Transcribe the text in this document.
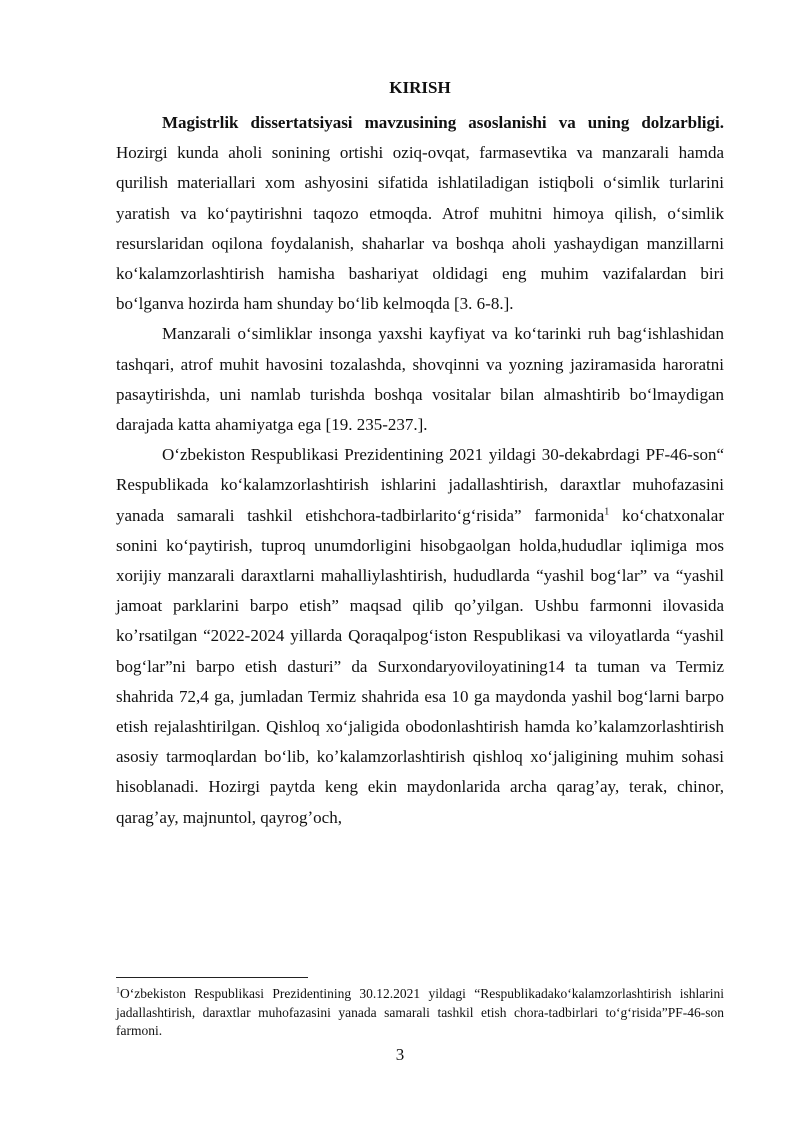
KIRISH

Magistrlik dissertatsiyasi mavzusining asoslanishi va uning dolzarbligi. Hozirgi kunda aholi sonining ortishi oziq-ovqat, farmasevtika va manzarali hamda qurilish materiallari xom ashyosini sifatida ishlatiladigan istiqboli oʻsimlik turlarini yaratish va koʻpaytirishni taqozo etmoqda. Atrof muhitni himoya qilish, oʻsimlik resurslaridan oqilona foydalanish, shaharlar va boshqa aholi yashaydigan manzillarni koʻkalamzorlashtirish hamisha bashariyat oldidagi eng muhim vazifalardan biri boʻlganva hozirda ham shunday boʻlib kelmoqda [3. 6-8.].

Manzarali oʻsimliklar insonga yaxshi kayfiyat va koʻtarinki ruh bagʻishlashidan tashqari, atrof muhit havosini tozalashda, shovqinni va yozning jaziramasida haroratni pasaytirishda, uni namlab turishda boshqa vositalar bilan almashtirib boʻlmaydigan darajada katta ahamiyatga ega [19. 235-237.].

Oʻzbekiston Respublikasi Prezidentining 2021 yildagi 30-dekabrdagi PF-46-son“ Respublikada koʻkalamzorlashtirish ishlarini jadallashtirish, daraxtlar muhofazasini yanada samarali tashkil etishchora-tadbirlaritoʻgʻrisida” farmonida$^1$ koʻchatxonalar sonini koʻpaytirish, tuproq unumdorligini hisobgaolgan holda,hududlar iqlimiga mos xorijiy manzarali daraxtlarni mahalliylashtirish, hududlarda “yashil bogʻlar” va “yashil jamoat parklarini barpo etish” maqsad qilib qoʼyilgan. Ushbu farmonni ilovasida koʼrsatilgan “2022-2024 yillarda Qoraqalpogʻiston Respublikasi va viloyatlarda “yashil bogʻlar”ni barpo etish dasturi” da Surxondaryoviloyatining14 ta tuman va Termiz shahrida 72,4 ga, jumladan Termiz shahrida esa 10 ga maydonda yashil bogʻlarni barpo etish rejalashtirilgan. Qishloq xoʻjaligida obodonlashtirish hamda koʼkalamzorlashtirish asosiy tarmoqlardan boʻlib, koʼkalamzorlashtirish qishloq xoʻjaligining muhim sohasi hisoblanadi. Hozirgi paytda keng ekin maydonlarida archa qaragʼay, terak, chinor, qaragʼay, majnuntol, qayrogʼoch,

$^1$Oʻzbekiston Respublikasi Prezidentining 30.12.2021 yildagi “Respublikadakoʻkalamzorlashtirish ishlarini jadallashtirish, daraxtlar muhofazasini yanada samarali tashkil etish chora-tadbirlari toʻgʻrisida”PF-46-son farmoni.

3
